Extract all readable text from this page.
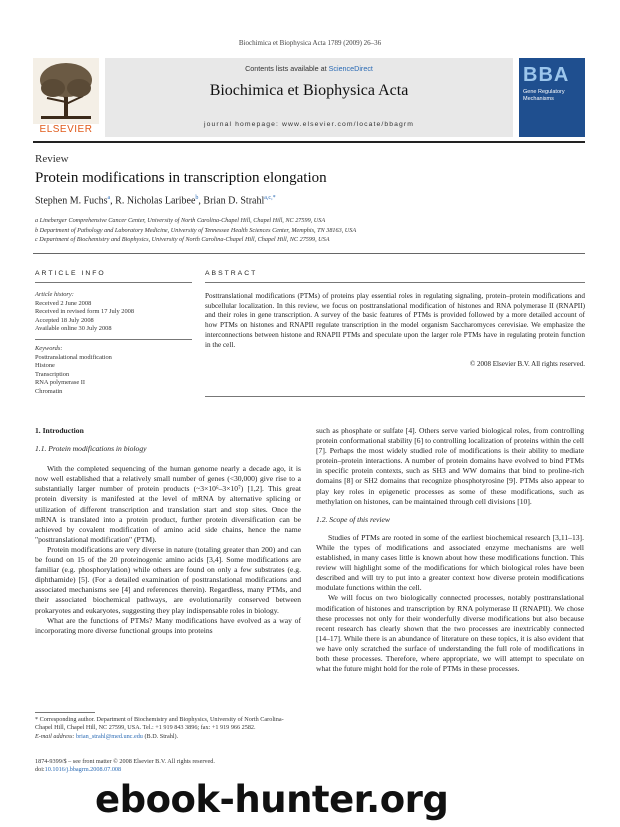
Biochimica et Biophysica Acta 1789 (2009) 26–36
ELSEVIER
Contents lists available at ScienceDirect
Biochimica et Biophysica Acta
journal homepage: www.elsevier.com/locate/bbagrm
BBA
Gene Regulatory Mechanisms
Review
Protein modifications in transcription elongation
Stephen M. Fuchs$^a$, R. Nicholas Laribee$^b$, Brian D. Strahl$^{a,c,*}$
a Lineberger Comprehensive Cancer Center, University of North Carolina-Chapel Hill, Chapel Hill, NC 27599, USA
b Department of Pathology and Laboratory Medicine, University of Tennessee Health Sciences Center, Memphis, TN 38163, USA
c Department of Biochemistry and Biophysics, University of North Carolina-Chapel Hill, Chapel Hill, NC 27599, USA
ARTICLE INFO
Article history:
Received 2 June 2008
Received in revised form 17 July 2008
Accepted 18 July 2008
Available online 30 July 2008
Keywords:
Posttranslational modification
Histone
Transcription
RNA polymerase II
Chromatin
ABSTRACT
Posttranslational modifications (PTMs) of proteins play essential roles in regulating signaling, protein–protein modifications and subcellular localization. In this review, we focus on posttranslational modification of histones and RNA polymerase II (RNAPII) and their roles in gene transcription. A survey of the basic features of PTMs is provided followed by a more detailed account of how PTMs on histones and RNAPII regulate transcription in the model organism Saccharomyces cerevisiae. We emphasize the interconnections between histone and RNAPII PTMs and speculate upon the larger role PTMs have in regulating protein function in the cell.
© 2008 Elsevier B.V. All rights reserved.
1. Introduction
1.1. Protein modifications in biology

With the completed sequencing of the human genome nearly a decade ago, it is now well established that a relatively small number of genes (<30,000) give rise to a substantially larger number of protein products (~3×10⁶–3×10⁷) [1,2]. This great protein diversity is manifested at the level of mRNA by alternative splicing or utilization of different transcription and translation start and stop sites. Once the mRNA is translated into a protein product, further protein diversification can be achieved by covalent modification of amino acid side chains, hence the name "posttranslational modification" (PTM).

Protein modifications are very diverse in nature (totaling greater than 200) and can be found on 15 of the 20 proteinogenic amino acids [3,4]. Some modifications are familiar (e.g. phosphorylation) while others are found on only a few substrates (e.g. diphthamide) [5]. (For a detailed examination of posttranslational modifications and associated mechanisms see [4] and references therein). Regardless, many PTMs, and their associated biochemical pathways, are evolutionarily conserved between prokaryotes and eukaryotes, suggesting they play indispensable roles in biology.

What are the functions of PTMs? Many modifications have evolved as a way of incorporating more diverse functional groups into proteins

such as phosphate or sulfate [4]. Others serve varied biological roles, from controlling protein conformational stability [6] to controlling localization of proteins within the cell [7]. Perhaps the most widely studied role of modifications is their ability to mediate protein–protein interactions. A number of protein domains have evolved to bind PTMs in specific protein contexts, such as SH3 and WW domains that bind to proline-rich domains [8] or SH2 domains that recognize phosphotyrosine [9]. PTMs also appear to play key roles in epigenetic processes as some of these modifications, such as methylation on histones, can be maintained through cell divisions [10].

1.2. Scope of this review

Studies of PTMs are rooted in some of the earliest biochemical research [3,11–13]. While the types of modifications and associated enzyme mechanisms are well established, in many cases little is known about how these modifications function. This review will highlight some of the modifications for which biological roles have been described and will try to put into a greater context how diverse protein modifications modulate functions within the cell.

We will focus on two biologically connected processes, notably posttranslational modification of histones and transcription by RNA polymerase II (RNAPII). We chose these processes not only for their wonderfully diverse modifications but also because recent research has clearly shown that the two processes are inextricably connected [14–17]. While there is an abundance of literature on these topics, it is also evident that we have only scratched the surface of understanding the full role of modifications in both these processes. Therefore, where appropriate, we will attempt to speculate on what the future might hold for the role of PTMs in these processes.

* Corresponding author. Department of Biochemistry and Biophysics, University of North Carolina-Chapel Hill, Chapel Hill, NC 27599, USA. Tel.: +1 919 843 3896; fax: +1 919 966 2582.
E-mail address: brian_strahl@med.unc.edu (B.D. Strahl).
1874-9399/$ – see front matter © 2008 Elsevier B.V. All rights reserved.
doi:10.1016/j.bbagrm.2008.07.008
ebook-hunter.org
